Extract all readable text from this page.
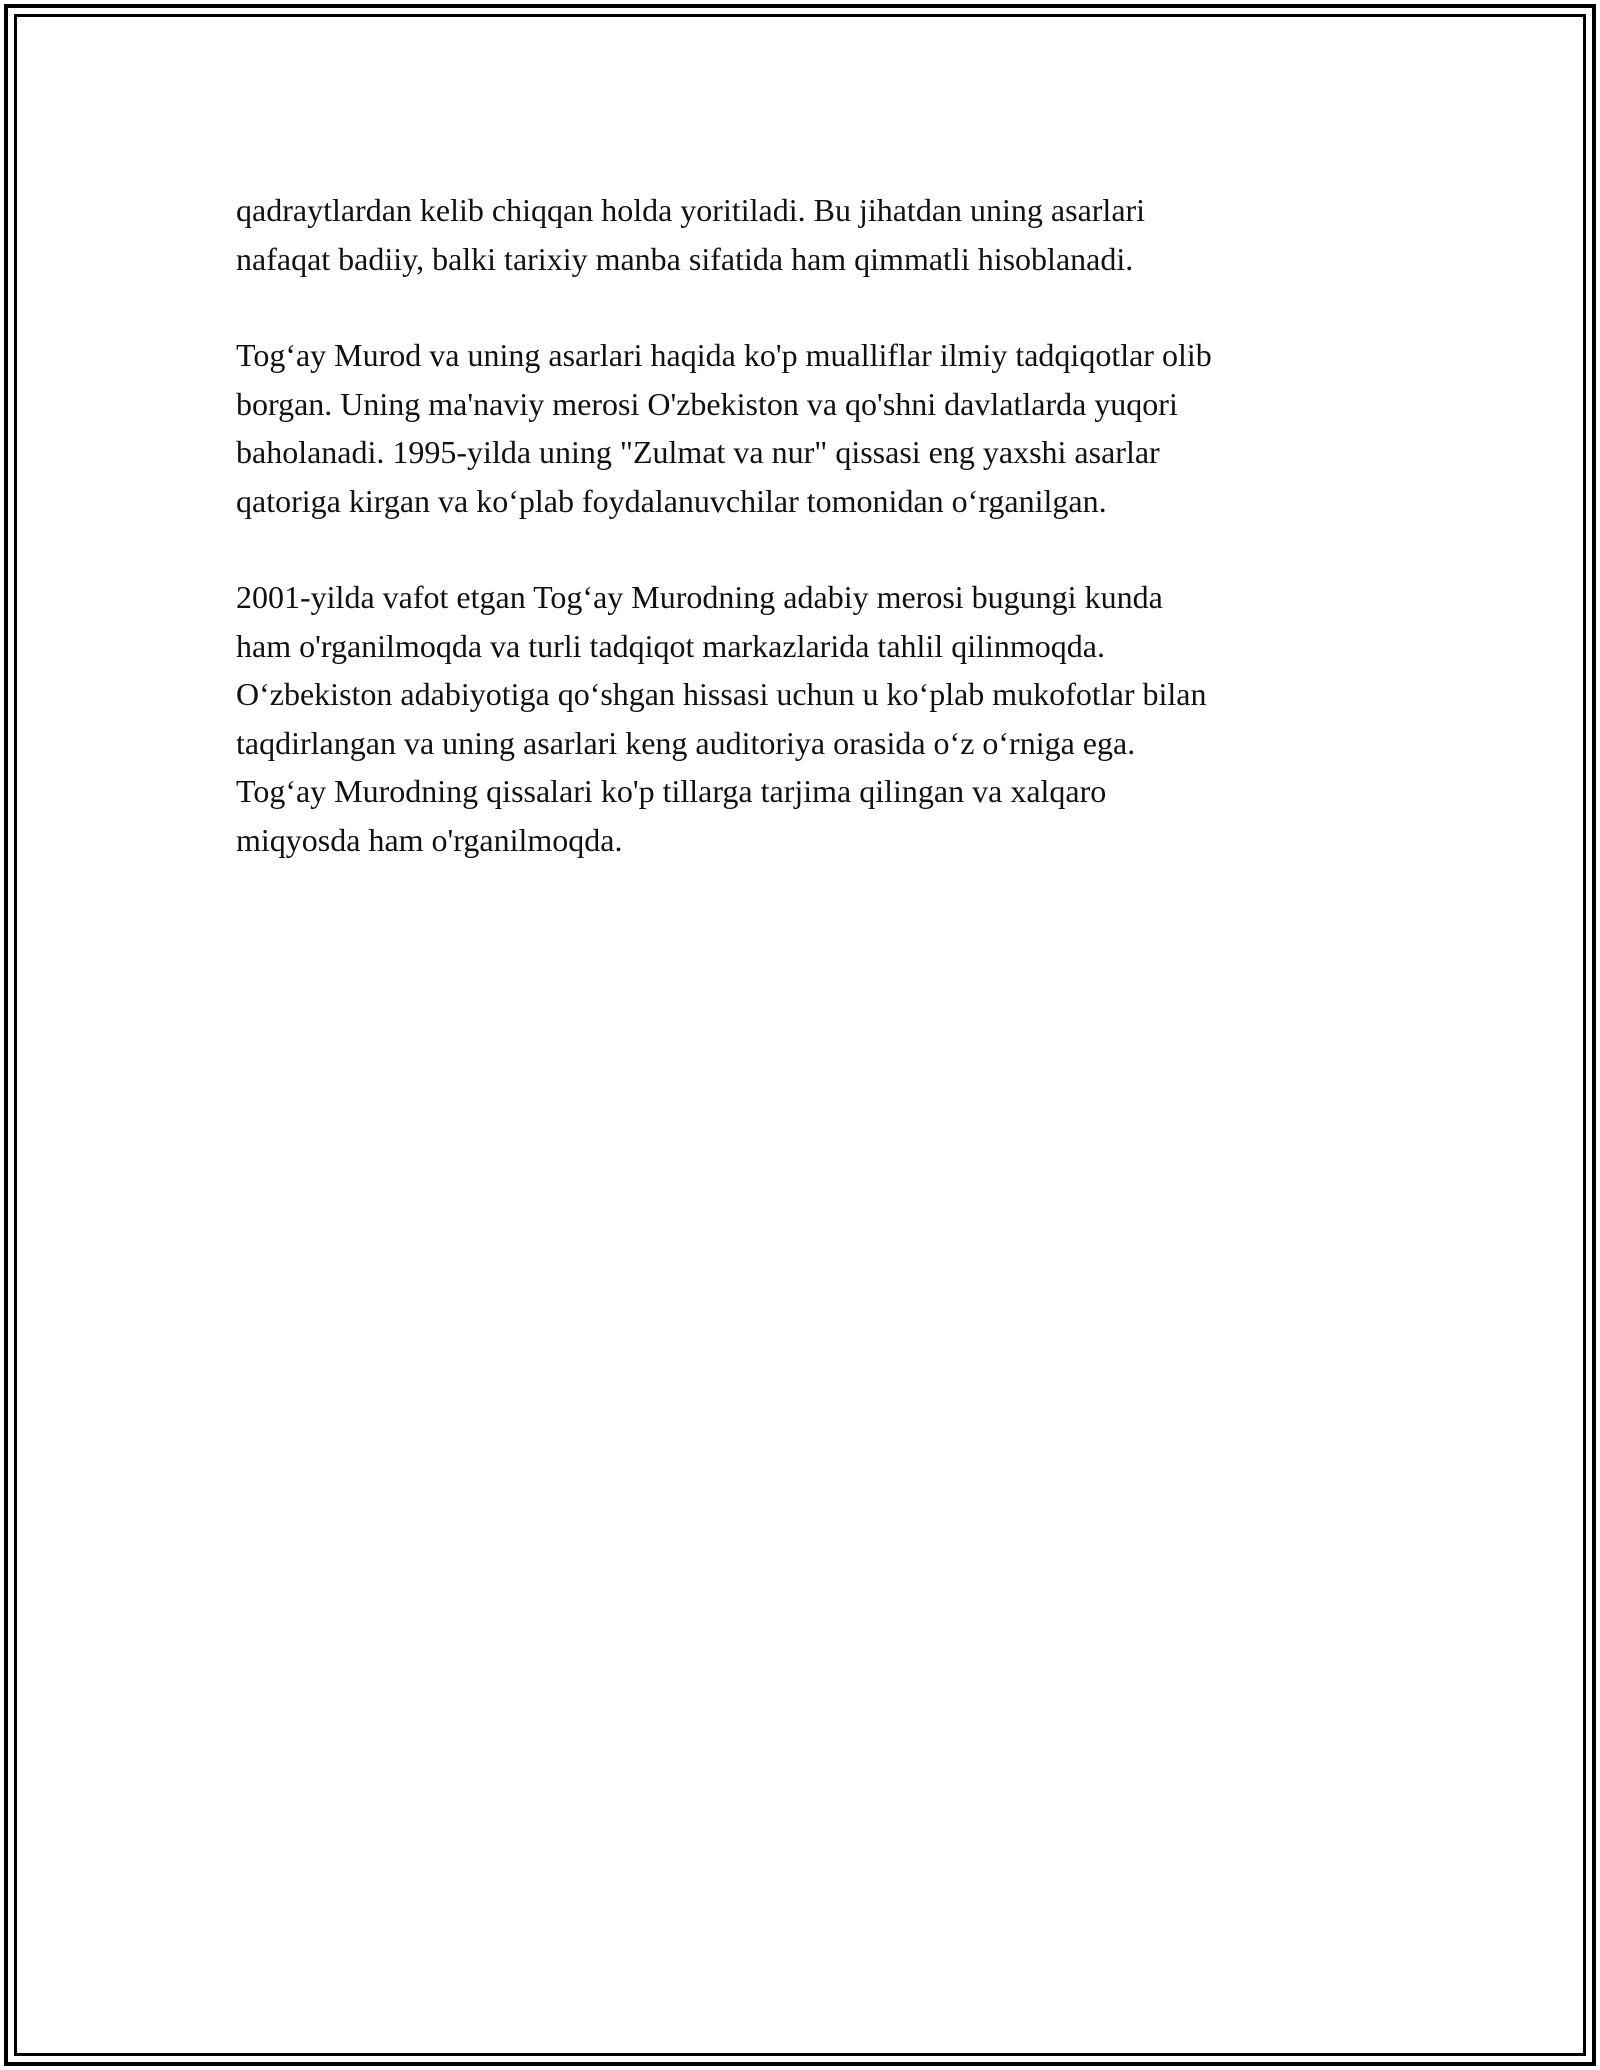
qadraytlardan kelib chiqqan holda yoritiladi. Bu jihatdan uning asarlari
nafaqat badiiy, balki tarixiy manba sifatida ham qimmatli hisoblanadi.

Tog‘ay Murod va uning asarlari haqida ko'p mualliflar ilmiy tadqiqotlar olib
borgan. Uning ma'naviy merosi O'zbekiston va qo'shni davlatlarda yuqori
baholanadi. 1995-yilda uning "Zulmat va nur" qissasi eng yaxshi asarlar
qatoriga kirgan va ko‘plab foydalanuvchilar tomonidan o‘rganilgan.

2001-yilda vafot etgan Tog‘ay Murodning adabiy merosi bugungi kunda
ham o'rganilmoqda va turli tadqiqot markazlarida tahlil qilinmoqda.
O‘zbekiston adabiyotiga qo‘shgan hissasi uchun u ko‘plab mukofotlar bilan
taqdirlangan va uning asarlari keng auditoriya orasida o‘z o‘rniga ega.
Tog‘ay Murodning qissalari ko'p tillarga tarjima qilingan va xalqaro
miqyosda ham o'rganilmoqda.
